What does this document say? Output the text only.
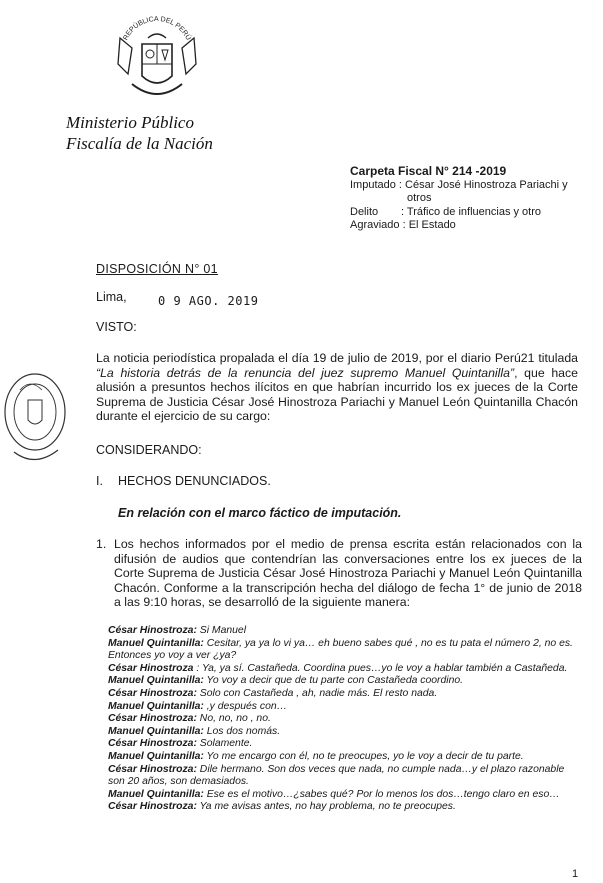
REPÚBLICA DEL PERÚ
Ministerio Público
Fiscalía de la Nación
Carpeta Fiscal N° 214 -2019
Imputado : César José Hinostroza Pariachi y
otros
Delito : Tráfico de influencias y otro
Agraviado : El Estado
DISPOSICIÓN N° 01
Lima,	0 9 AGO. 2019
VISTO:
La noticia periodística propalada el día 19 de julio de 2019, por el diario Perú21 titulada “La historia detrás de la renuncia del juez supremo Manuel Quintanilla”, que hace alusión a presuntos hechos ilícitos en que habrían incurrido los ex jueces de la Corte Suprema de Justicia César José Hinostroza Pariachi y Manuel León Quintanilla Chacón durante el ejercicio de su cargo:
CONSIDERANDO:
I. HECHOS DENUNCIADOS.
En relación con el marco fáctico de imputación.
1. Los hechos informados por el medio de prensa escrita están relacionados con la difusión de audios que contendrían las conversaciones entre los ex jueces de la Corte Suprema de Justicia César José Hinostroza Pariachi y Manuel León Quintanilla Chacón. Conforme a la transcripción hecha del diálogo de fecha 1° de junio de 2018 a las 9:10 horas, se desarrolló de la siguiente manera:

César Hinostroza: Si Manuel

Manuel Quintanilla: Cesitar, ya ya lo vi ya… eh bueno sabes qué , no es tu pata el número 2, no es. Entonces yo voy a ver ¿ya?

César Hinostroza : Ya, ya sí. Castañeda. Coordina pues…yo le voy a hablar también a Castañeda.

Manuel Quintanilla: Yo voy a decir que de tu parte con Castañeda coordino.

César Hinostroza: Solo con Castañeda , ah, nadie más. El resto nada.

Manuel Quintanilla: ,y después con…

César Hinostroza: No, no, no , no.

Manuel Quintanilla: Los dos nomás.

César Hinostroza: Solamente.

Manuel Quintanilla: Yo me encargo con él, no te preocupes, yo le voy a decir de tu parte.

César Hinostroza: Dile hermano. Son dos veces que nada, no cumple nada…y el plazo razonable son 20 años, son demasiados.

Manuel Quintanilla: Ese es el motivo…¿sabes qué? Por lo menos los dos…tengo claro en eso…

César Hinostroza: Ya me avisas antes, no hay problema, no te preocupes.

1
